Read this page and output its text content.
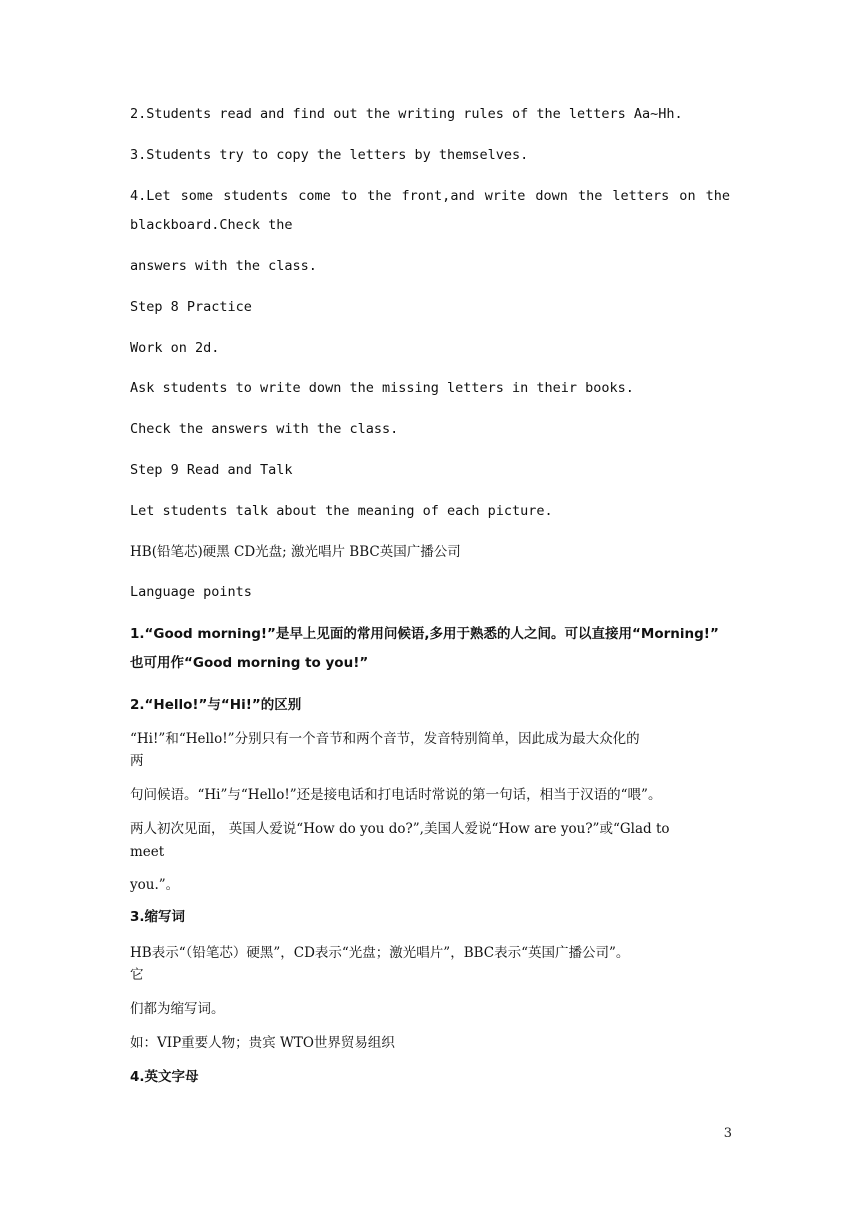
2.Students read and find out the writing rules of the letters Aa~Hh.
3.Students try to copy the letters by themselves.
4.Let some students come to the front,and write down the letters on the
blackboard.Check the
answers with the class.
Step 8 Practice
Work on 2d.
Ask students to write down the missing letters in their books.
Check the answers with the class.
Step 9 Read and Talk
Let students talk about the meaning of each picture.
HB(铅笔芯)硬黑 CD光盘; 激光唱片 BBC英国广播公司
Language points
1.“Good morning!”是早上见面的常用问候语,多用于熟悉的人之间。可以直接用“Morning!”
也可用作“Good morning to you!”
2.“Hello!”与“Hi!”的区别
“Hi!”和“Hello!”分别只有一个音节和两个音节，发音特别简单，因此成为最大众化的
两
句问候语。“Hi”与“Hello!”还是接电话和打电话时常说的第一句话，相当于汉语的“喂”。
两人初次见面， 英国人爱说“How do you do?”,美国人爱说“How are you?”或“Glad to
meet
you.”。
3.缩写词
HB表示“（铅笔芯）硬黑”，CD表示“光盘；激光唱片”，BBC表示“英国广播公司”。
它
们都为缩写词。
如：VIP重要人物；贵宾 WTO世界贸易组织
4.英文字母
3
